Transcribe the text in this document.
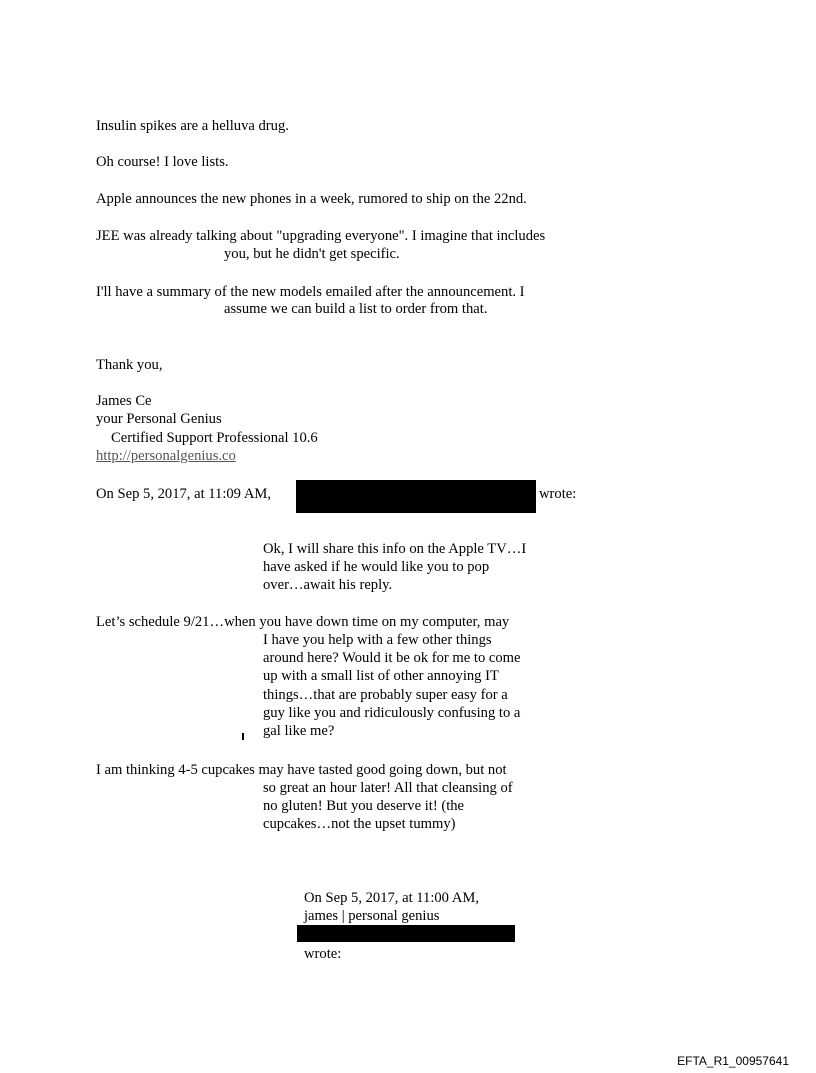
Insulin spikes are a helluva drug.

Oh course! I love lists.

Apple announces the new phones in a week, rumored to ship on the 22nd.

JEE was already talking about "upgrading everyone". I imagine that includes

you, but he didn't get specific.

I'll have a summary of the new models emailed after the announcement. I

assume we can build a list to order from that.

Thank you,

James Ce

your Personal Genius

Certified Support Professional 10.6

http://personalgenius.co

On Sep 5, 2017, at 11:09 AM,	wrote:

Ok, I will share this info on the Apple TV…I

have asked if he would like you to pop

over…await his reply.

Let’s schedule 9/21…when you have down time on my computer, may

I have you help with a few other things

around here? Would it be ok for me to come

up with a small list of other annoying IT

things…that are probably super easy for a

guy like you and ridiculously confusing to a

gal like me?

I am thinking 4-5 cupcakes may have tasted good going down, but not

so great an hour later! All that cleansing of

no gluten! But you deserve it! (the

cupcakes…not the upset tummy)

On Sep 5, 2017, at 11:00 AM,

james | personal genius

wrote:

EFTA_R1_00957641
